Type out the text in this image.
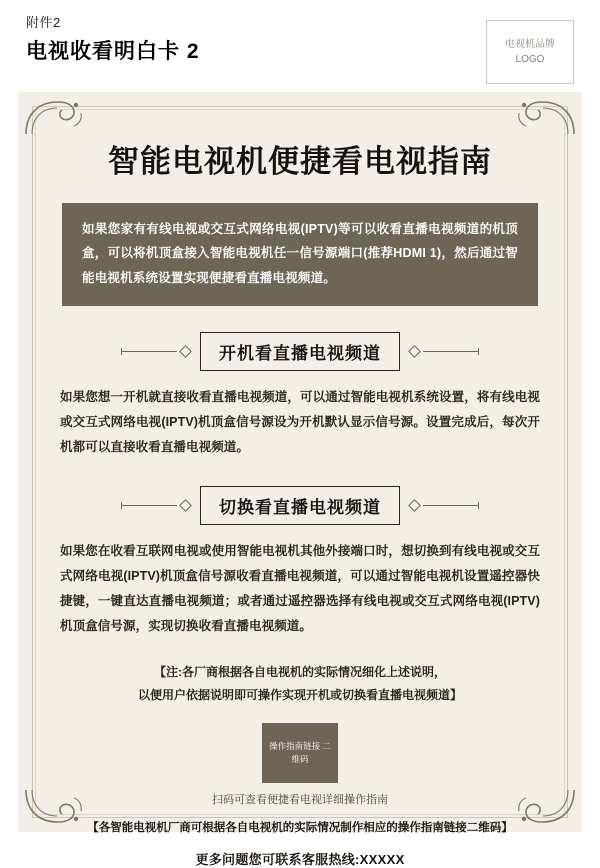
附件2
电视收看明白卡 2	电视机品牌
LOGO
智能电视机便捷看电视指南
如果您家有有线电视或交互式网络电视(IPTV)等可以收看直播电视频道的机顶盒，可以将机顶盒接入智能电视机任一信号源端口(推荐HDMI 1)，然后通过智能电视机系统设置实现便捷看直播电视频道。
开机看直播电视频道
如果您想一开机就直接收看直播电视频道，可以通过智能电视机系统设置，将有线电视或交互式网络电视(IPTV)机顶盒信号源设为开机默认显示信号源。设置完成后，每次开机都可以直接收看直播电视频道。
切换看直播电视频道
如果您在收看互联网电视或使用智能电视机其他外接端口时，想切换到有线电视或交互式网络电视(IPTV)机顶盒信号源收看直播电视频道，可以通过智能电视机设置遥控器快捷键，一键直达直播电视频道；或者通过遥控器选择有线电视或交互式网络电视(IPTV)机顶盒信号源，实现切换收看直播电视频道。
【注:各厂商根据各自电视机的实际情况细化上述说明，
以便用户依据说明即可操作实现开机或切换看直播电视频道】
操作指南链接 二维码
扫码可查看便捷看电视详细操作指南
【各智能电视机厂商可根据各自电视机的实际情况制作相应的操作指南链接二维码】
更多问题您可联系客服热线:XXXXX
